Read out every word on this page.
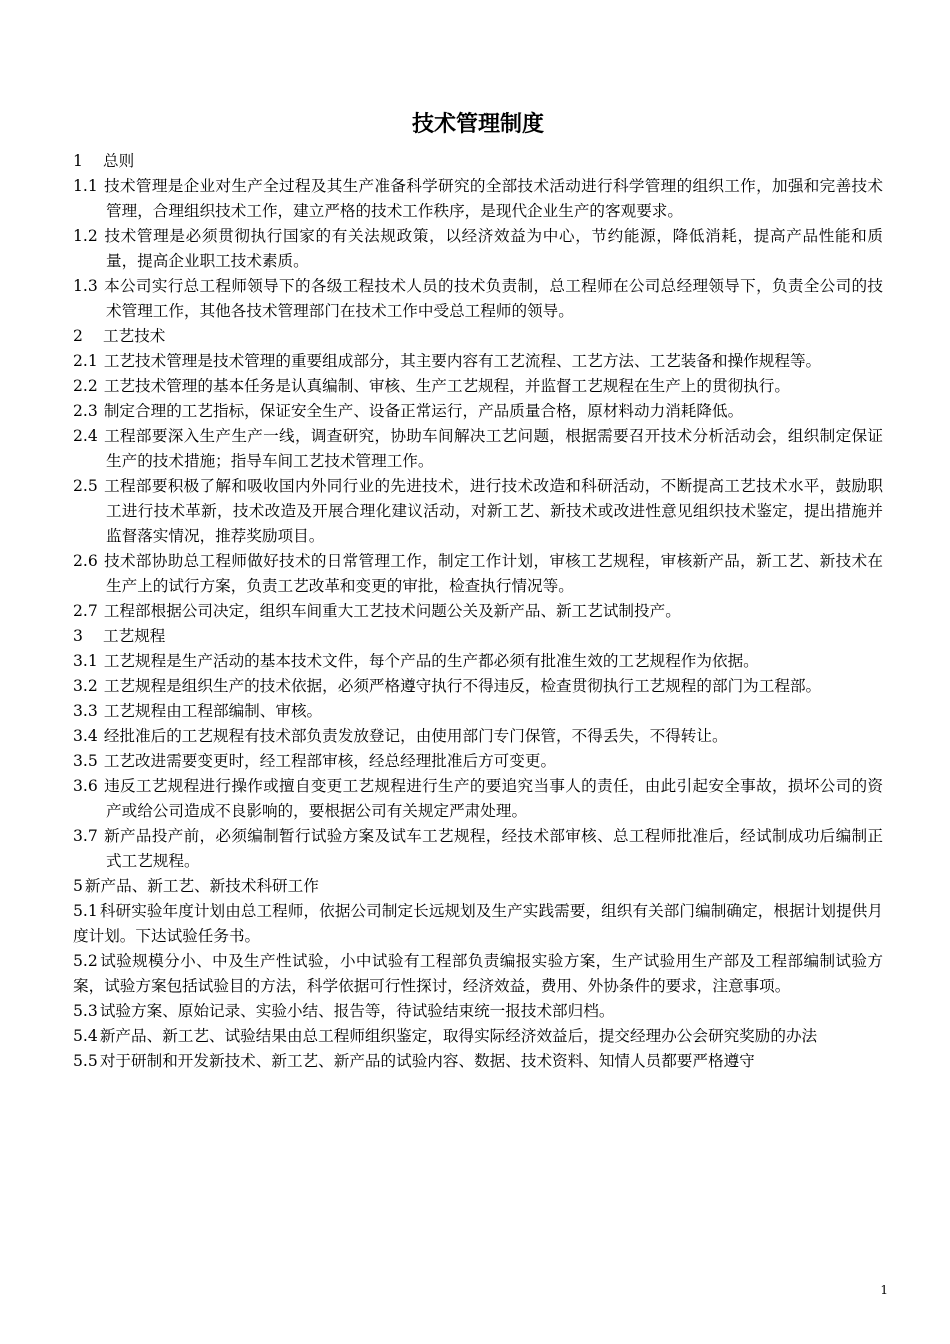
技术管理制度

1 总则

1.1 技术管理是企业对生产全过程及其生产准备科学研究的全部技术活动进行科学管理的组织工作，加强和完善技术管理，合理组织技术工作，建立严格的技术工作秩序，是现代企业生产的客观要求。

1.2 技术管理是必须贯彻执行国家的有关法规政策，以经济效益为中心，节约能源，降低消耗，提高产品性能和质量，提高企业职工技术素质。

1.3 本公司实行总工程师领导下的各级工程技术人员的技术负责制，总工程师在公司总经理领导下，负责全公司的技术管理工作，其他各技术管理部门在技术工作中受总工程师的领导。

2 工艺技术

2.1 工艺技术管理是技术管理的重要组成部分，其主要内容有工艺流程、工艺方法、工艺装备和操作规程等。

2.2 工艺技术管理的基本任务是认真编制、审核、生产工艺规程，并监督工艺规程在生产上的贯彻执行。

2.3 制定合理的工艺指标，保证安全生产、设备正常运行，产品质量合格，原材料动力消耗降低。

2.4 工程部要深入生产生产一线，调查研究，协助车间解决工艺问题，根据需要召开技术分析活动会，组织制定保证生产的技术措施；指导车间工艺技术管理工作。

2.5 工程部要积极了解和吸收国内外同行业的先进技术，进行技术改造和科研活动，不断提高工艺技术水平，鼓励职工进行技术革新，技术改造及开展合理化建议活动，对新工艺、新技术或改进性意见组织技术鉴定，提出措施并监督落实情况，推荐奖励项目。

2.6 技术部协助总工程师做好技术的日常管理工作，制定工作计划，审核工艺规程，审核新产品，新工艺、新技术在生产上的试行方案，负责工艺改革和变更的审批，检查执行情况等。

2.7 工程部根据公司决定，组织车间重大工艺技术问题公关及新产品、新工艺试制投产。

3 工艺规程

3.1 工艺规程是生产活动的基本技术文件，每个产品的生产都必须有批准生效的工艺规程作为依据。

3.2 工艺规程是组织生产的技术依据，必须严格遵守执行不得违反，检查贯彻执行工艺规程的部门为工程部。

3.3 工艺规程由工程部编制、审核。

3.4 经批准后的工艺规程有技术部负责发放登记，由使用部门专门保管，不得丢失，不得转让。

3.5 工艺改进需要变更时，经工程部审核，经总经理批准后方可变更。

3.6 违反工艺规程进行操作或擅自变更工艺规程进行生产的要追究当事人的责任，由此引起安全事故，损坏公司的资产或给公司造成不良影响的，要根据公司有关规定严肃处理。

3.7 新产品投产前，必须编制暂行试验方案及试车工艺规程，经技术部审核、总工程师批准后，经试制成功后编制正式工艺规程。

5 新产品、新工艺、新技术科研工作

5.1 科研实验年度计划由总工程师，依据公司制定长远规划及生产实践需要，组织有关部门编制确定，根据计划提供月度计划。下达试验任务书。

5.2 试验规模分小、中及生产性试验，小中试验有工程部负责编报实验方案，生产试验用生产部及工程部编制试验方案，试验方案包括试验目的方法，科学依据可行性探讨，经济效益，费用、外协条件的要求，注意事项。

5.3 试验方案、原始记录、实验小结、报告等，待试验结束统一报技术部归档。

5.4 新产品、新工艺、试验结果由总工程师组织鉴定，取得实际经济效益后，提交经理办公会研究奖励的办法

5.5 对于研制和开发新技术、新工艺、新产品的试验内容、数据、技术资料、知情人员都要严格遵守

1
